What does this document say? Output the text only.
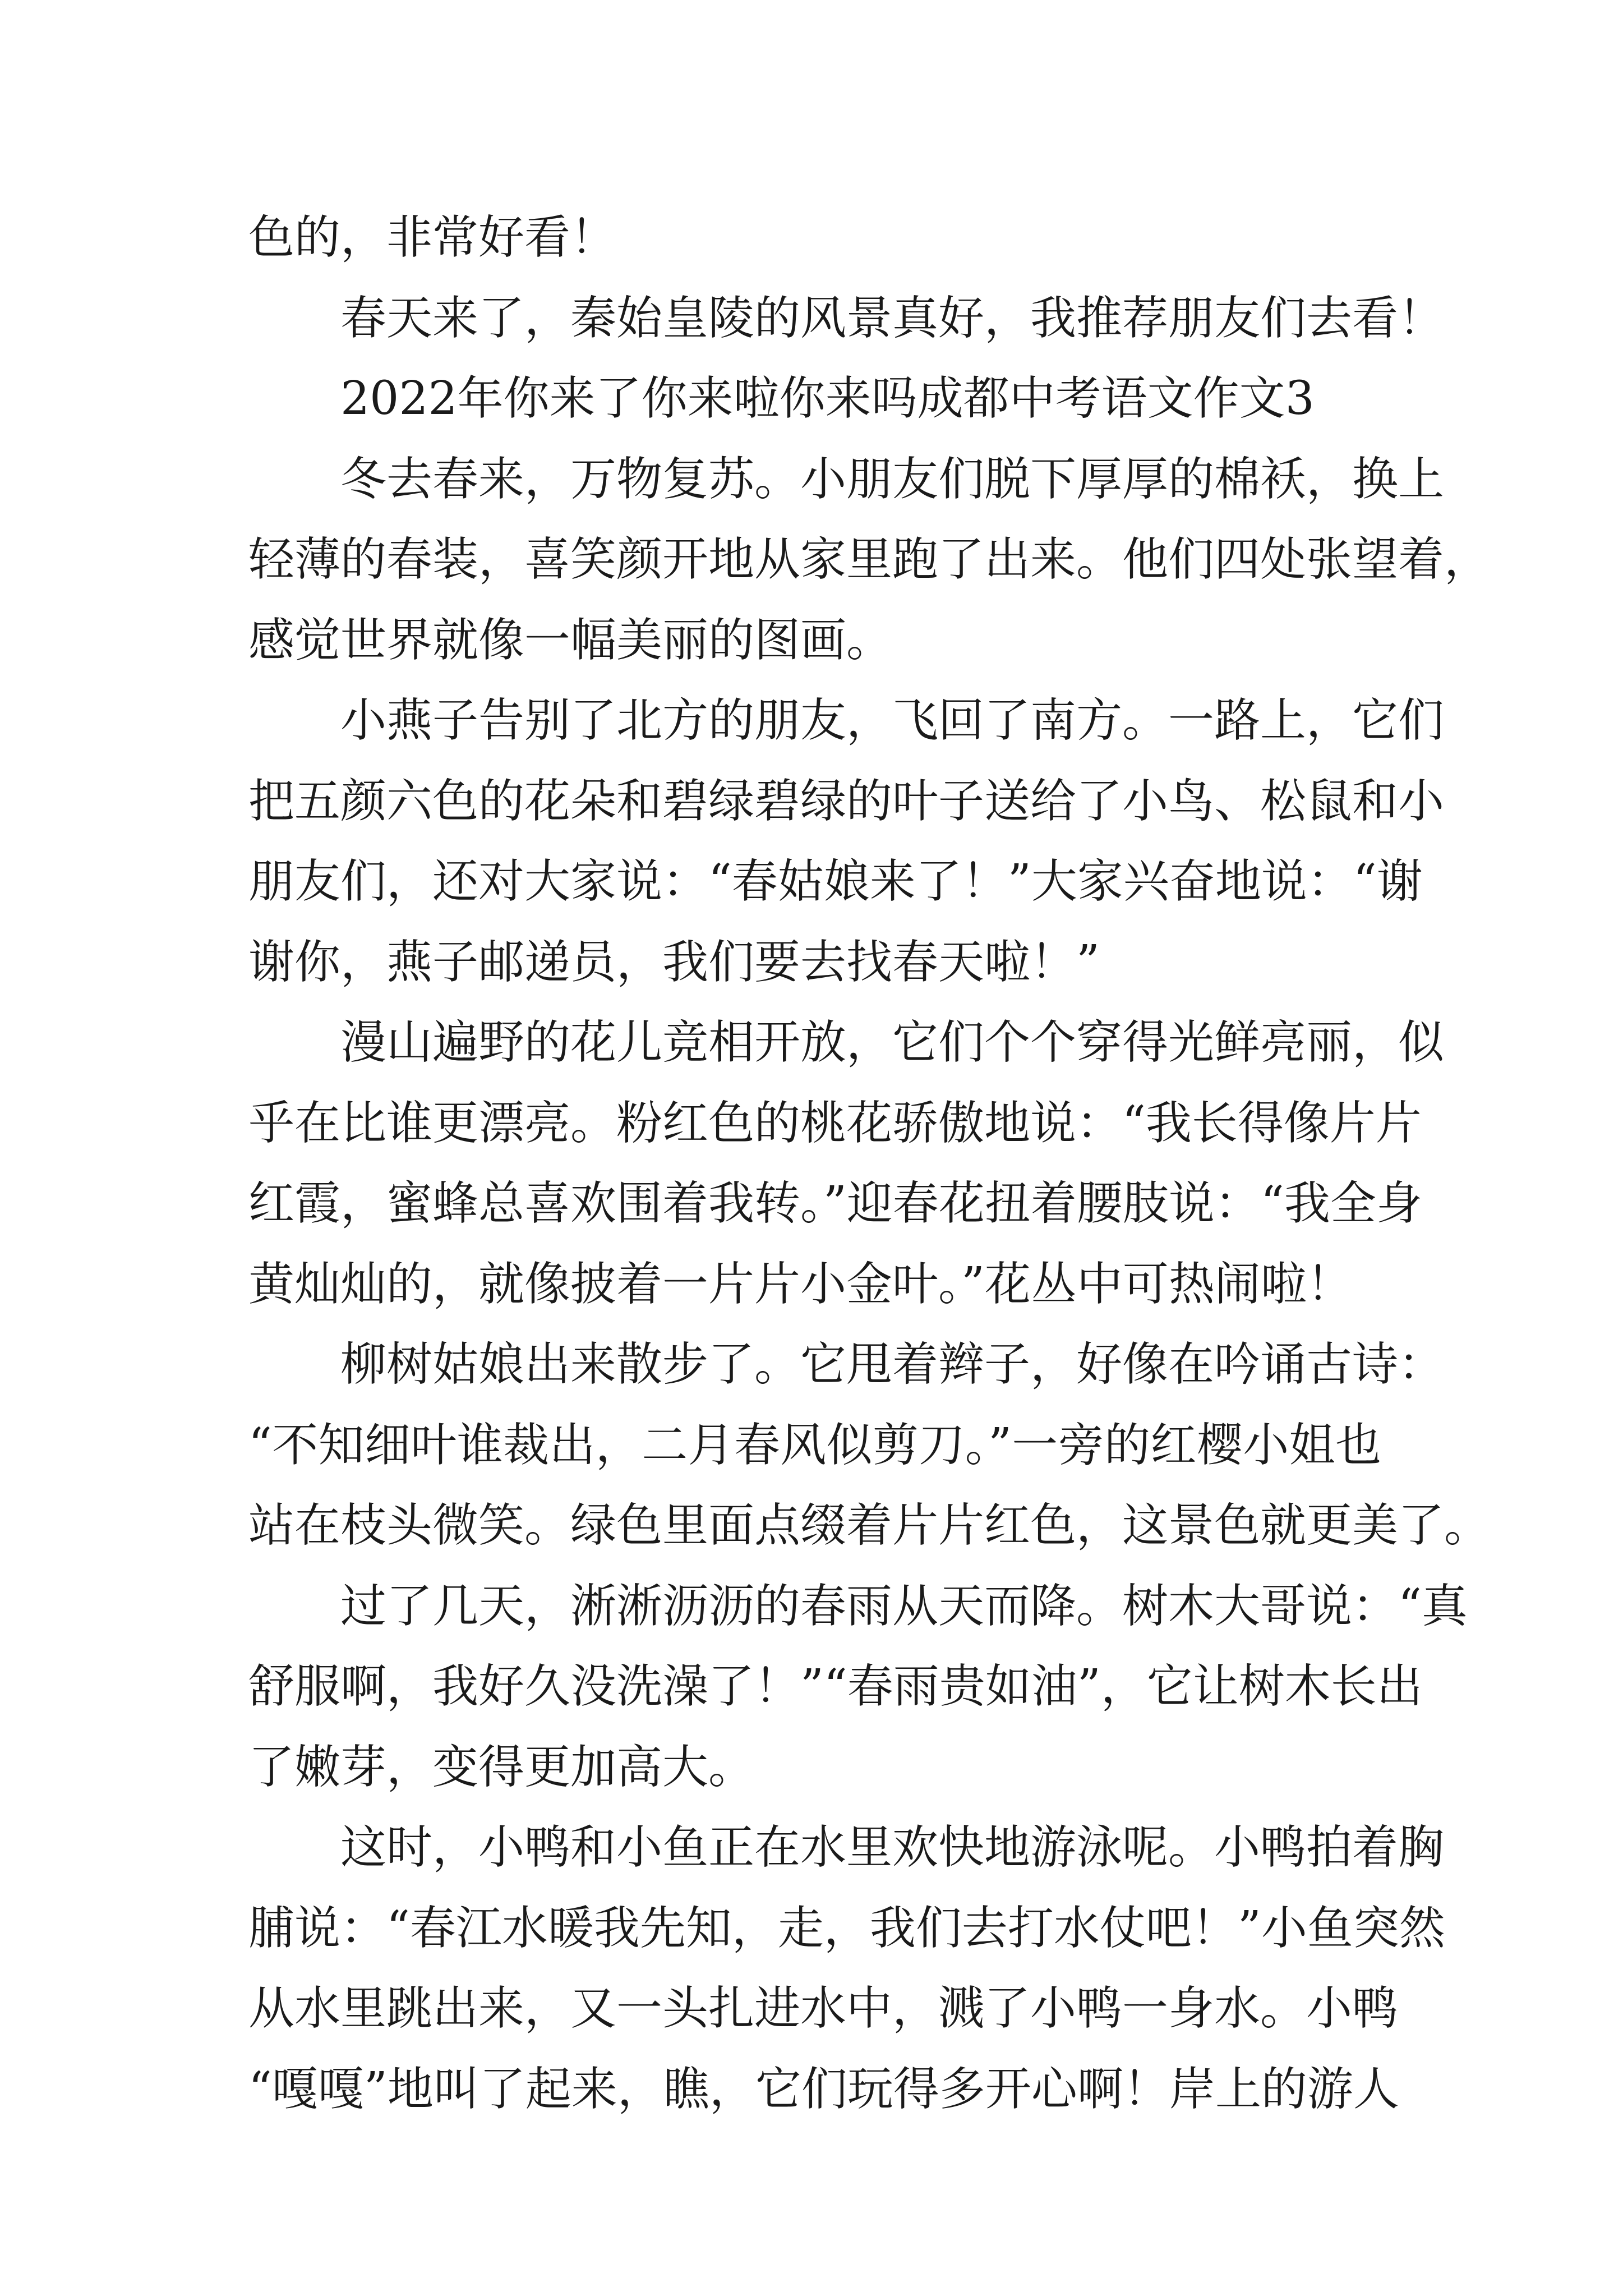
色的，非常好看！
春天来了，秦始皇陵的风景真好，我推荐朋友们去看！
2022年你来了你来啦你来吗成都中考语文作文3
冬去春来，万物复苏。小朋友们脱下厚厚的棉袄，换上
轻薄的春装，喜笑颜开地从家里跑了出来。他们四处张望着，
感觉世界就像一幅美丽的图画。
小燕子告别了北方的朋友，飞回了南方。一路上，它们
把五颜六色的花朵和碧绿碧绿的叶子送给了小鸟、松鼠和小
朋友们，还对大家说：“春姑娘来了！”大家兴奋地说：“谢
谢你，燕子邮递员，我们要去找春天啦！”
漫山遍野的花儿竞相开放，它们个个穿得光鲜亮丽，似
乎在比谁更漂亮。粉红色的桃花骄傲地说：“我长得像片片
红霞，蜜蜂总喜欢围着我转。”迎春花扭着腰肢说：“我全身
黄灿灿的，就像披着一片片小金叶。”花丛中可热闹啦！
柳树姑娘出来散步了。它甩着辫子，好像在吟诵古诗：
“不知细叶谁裁出，二月春风似剪刀。”一旁的红樱小姐也
站在枝头微笑。绿色里面点缀着片片红色，这景色就更美了。
过了几天，淅淅沥沥的春雨从天而降。树木大哥说：“真
舒服啊，我好久没洗澡了！”“春雨贵如油”，它让树木长出
了嫩芽，变得更加高大。
这时，小鸭和小鱼正在水里欢快地游泳呢。小鸭拍着胸
脯说：“春江水暖我先知，走，我们去打水仗吧！”小鱼突然
从水里跳出来，又一头扎进水中，溅了小鸭一身水。小鸭
“嘎嘎”地叫了起来，瞧，它们玩得多开心啊！岸上的游人
